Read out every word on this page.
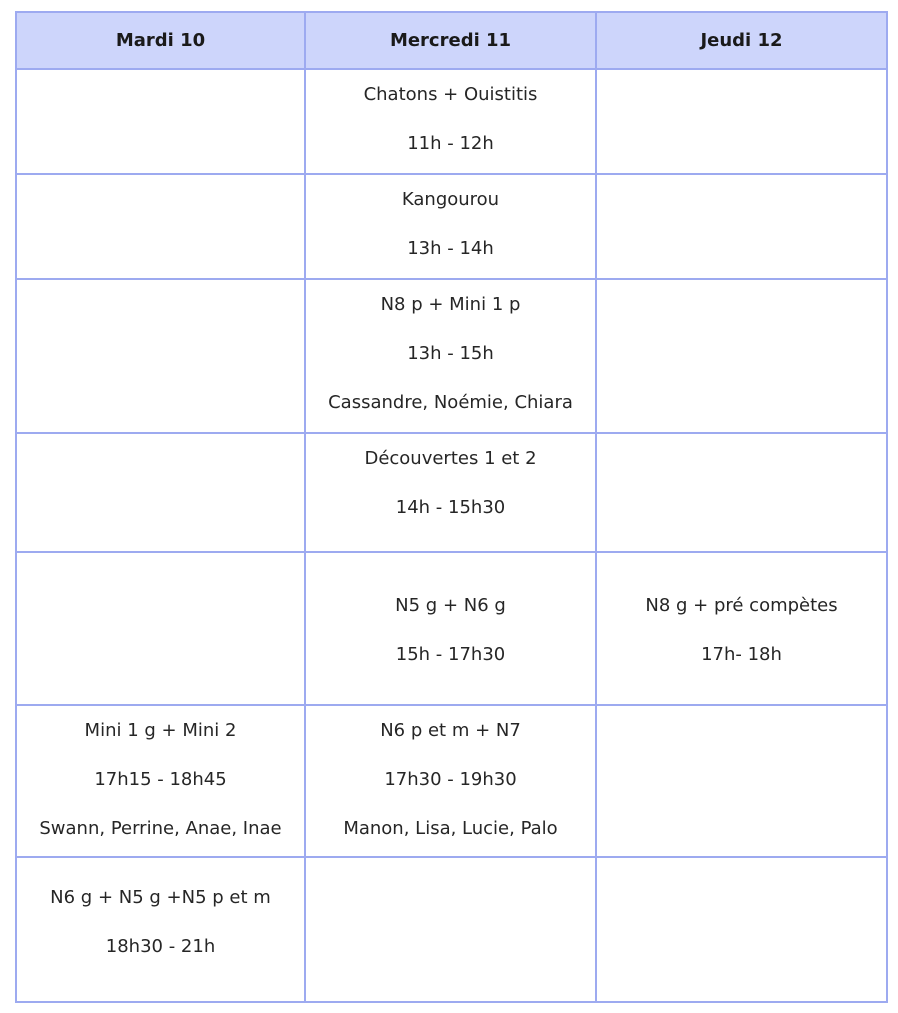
Mardi 10	Mercredi 11	Jeudi 12

	Chatons + Ouistitis
11h - 12h	

	Kangourou
13h - 14h	

	N8 p + Mini 1 p
13h - 15h
Cassandre, Noémie, Chiara	

	Découvertes 1 et 2
14h - 15h30	

	N5 g + N6 g
15h - 17h30	N8 g + pré compètes
17h- 18h

Mini 1 g + Mini 2
17h15 - 18h45
Swann, Perrine, Anae, Inae	N6 p et m + N7
17h30 - 19h30
Manon, Lisa, Lucie, Palo	

N6 g + N5 g +N5 p et m
18h30 - 21h		
